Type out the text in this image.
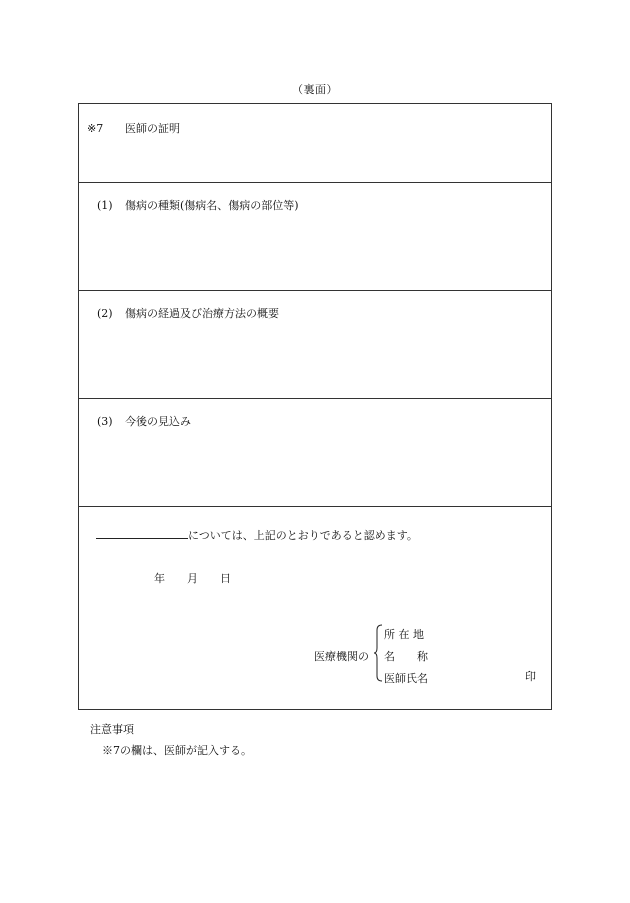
（裏面）
※7 医師の証明
(1) 傷病の種類(傷病名、傷病の部位等)
(2) 傷病の経過及び治療方法の概要
(3) 今後の見込み
については、上記のとおりであると認めます。
年 月 日
医療機関の
所 在 地
名　　称
医師氏名	印
注意事項
※7の欄は、医師が記入する。
